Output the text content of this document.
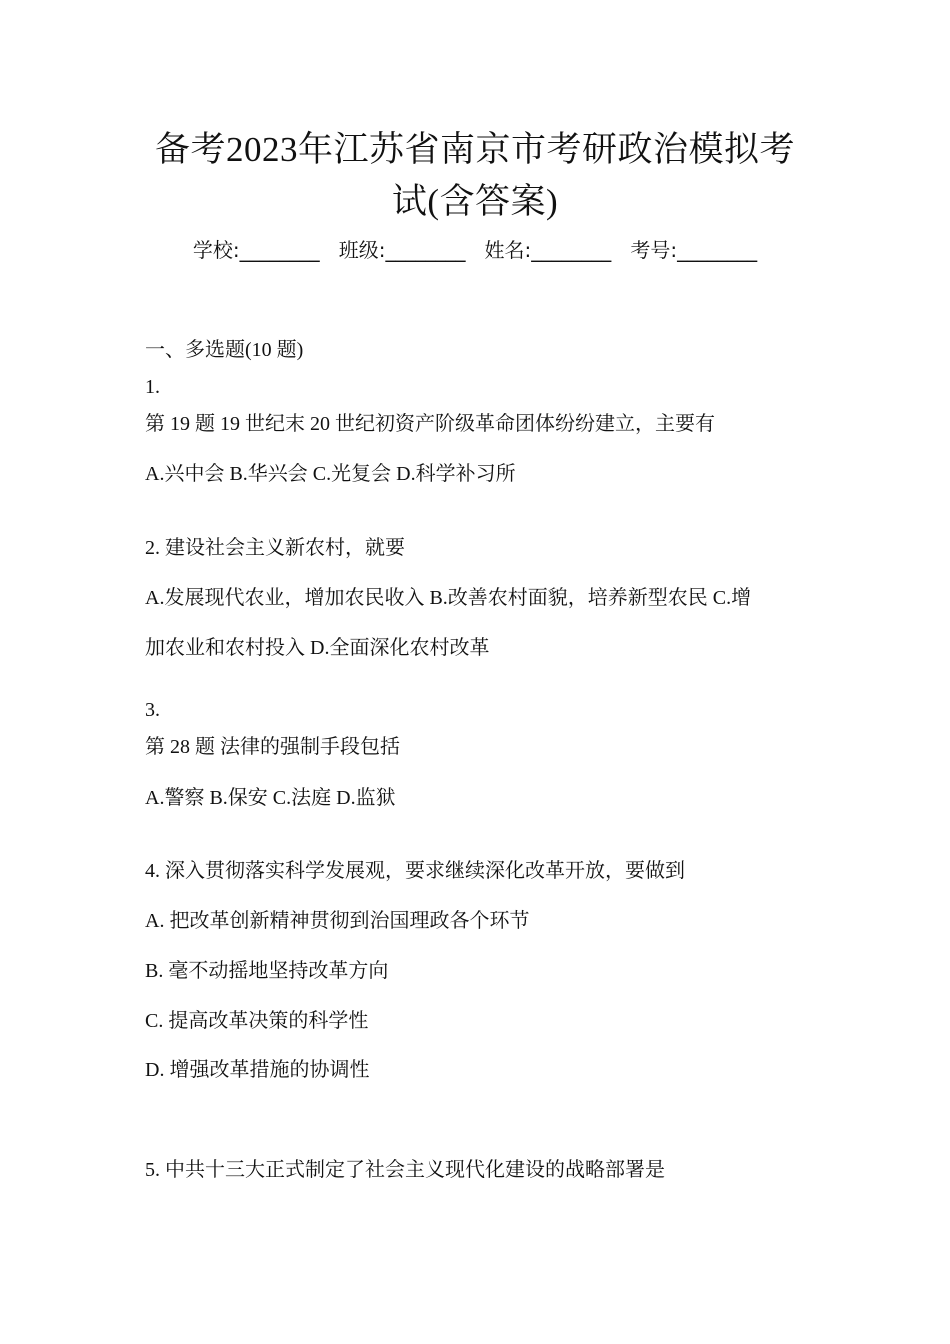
备考2023年江苏省南京市考研政治模拟考
试(含答案)
学校:________ 班级:________ 姓名:________ 考号:________
一、多选题(10 题)
1.
第 19 题 19 世纪末 20 世纪初资产阶级革命团体纷纷建立，主要有
A.兴中会 B.华兴会 C.光复会 D.科学补习所
2. 建设社会主义新农村，就要
A.发展现代农业，增加农民收入 B.改善农村面貌，培养新型农民 C.增
加农业和农村投入 D.全面深化农村改革
3.
第 28 题 法律的强制手段包括
A.警察 B.保安 C.法庭 D.监狱
4. 深入贯彻落实科学发展观，要求继续深化改革开放，要做到
A. 把改革创新精神贯彻到治国理政各个环节
B. 毫不动摇地坚持改革方向
C. 提高改革决策的科学性
D. 增强改革措施的协调性
5. 中共十三大正式制定了社会主义现代化建设的战略部署是
